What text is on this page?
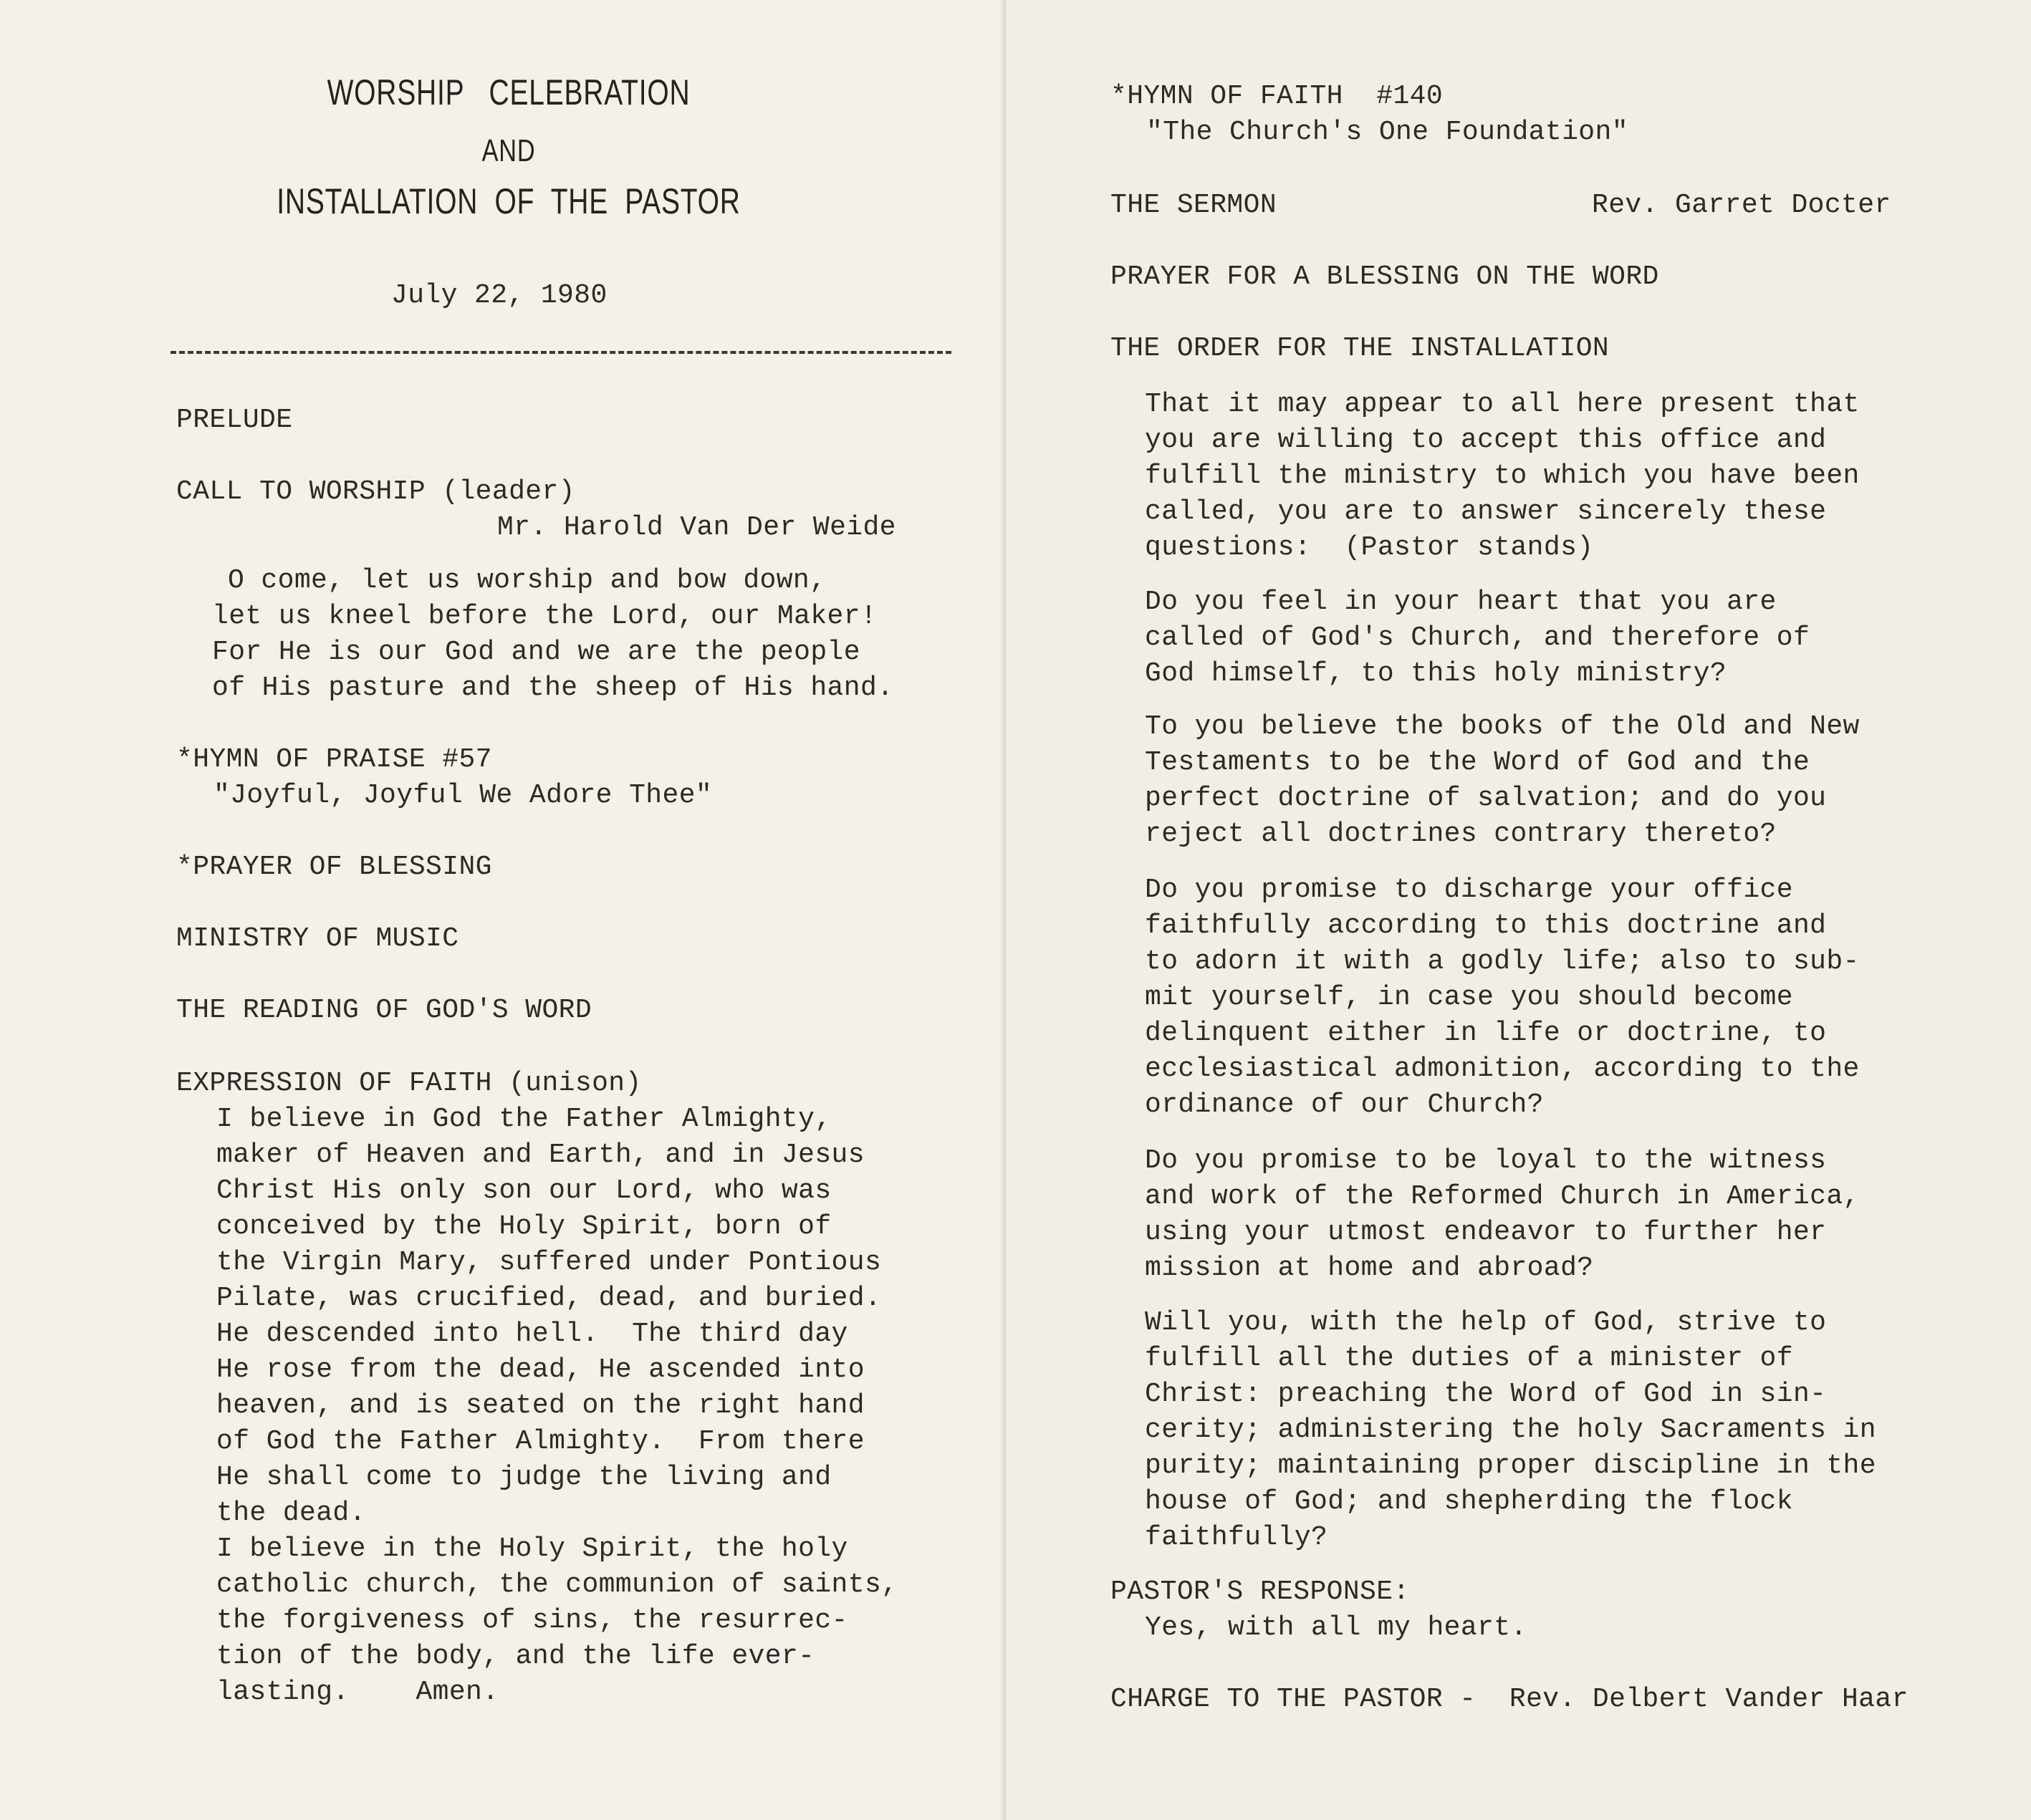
WORSHIP   CELEBRATION
AND
INSTALLATION  OF  THE  PASTOR
July 22, 1980
PRELUDE
CALL TO WORSHIP (leader)
Mr. Harold Van Der Weide
O come, let us worship and bow down,
let us kneel before the Lord, our Maker!
For He is our God and we are the people
of His pasture and the sheep of His hand.
*HYMN OF PRAISE #57
"Joyful, Joyful We Adore Thee"
*PRAYER OF BLESSING
MINISTRY OF MUSIC
THE READING OF GOD'S WORD
EXPRESSION OF FAITH (unison)
I believe in God the Father Almighty,
maker of Heaven and Earth, and in Jesus
Christ His only son our Lord, who was
conceived by the Holy Spirit, born of
the Virgin Mary, suffered under Pontious
Pilate, was crucified, dead, and buried.
He descended into hell.  The third day
He rose from the dead, He ascended into
heaven, and is seated on the right hand
of God the Father Almighty.  From there
He shall come to judge the living and
the dead.
I believe in the Holy Spirit, the holy
catholic church, the communion of saints,
the forgiveness of sins, the resurrec-
tion of the body, and the life ever-
lasting.    Amen.
*HYMN OF FAITH  #140
"The Church's One Foundation"
THE SERMON	Rev. Garret Docter
PRAYER FOR A BLESSING ON THE WORD
THE ORDER FOR THE INSTALLATION
That it may appear to all here present that
you are willing to accept this office and
fulfill the ministry to which you have been
called, you are to answer sincerely these
questions:  (Pastor stands)
Do you feel in your heart that you are
called of God's Church, and therefore of
God himself, to this holy ministry?
To you believe the books of the Old and New
Testaments to be the Word of God and the
perfect doctrine of salvation; and do you
reject all doctrines contrary thereto?
Do you promise to discharge your office
faithfully according to this doctrine and
to adorn it with a godly life; also to sub-
mit yourself, in case you should become
delinquent either in life or doctrine, to
ecclesiastical admonition, according to the
ordinance of our Church?
Do you promise to be loyal to the witness
and work of the Reformed Church in America,
using your utmost endeavor to further her
mission at home and abroad?
Will you, with the help of God, strive to
fulfill all the duties of a minister of
Christ: preaching the Word of God in sin-
cerity; administering the holy Sacraments in
purity; maintaining proper discipline in the
house of God; and shepherding the flock
faithfully?
PASTOR'S RESPONSE:
Yes, with all my heart.
CHARGE TO THE PASTOR -  Rev. Delbert Vander Haar
